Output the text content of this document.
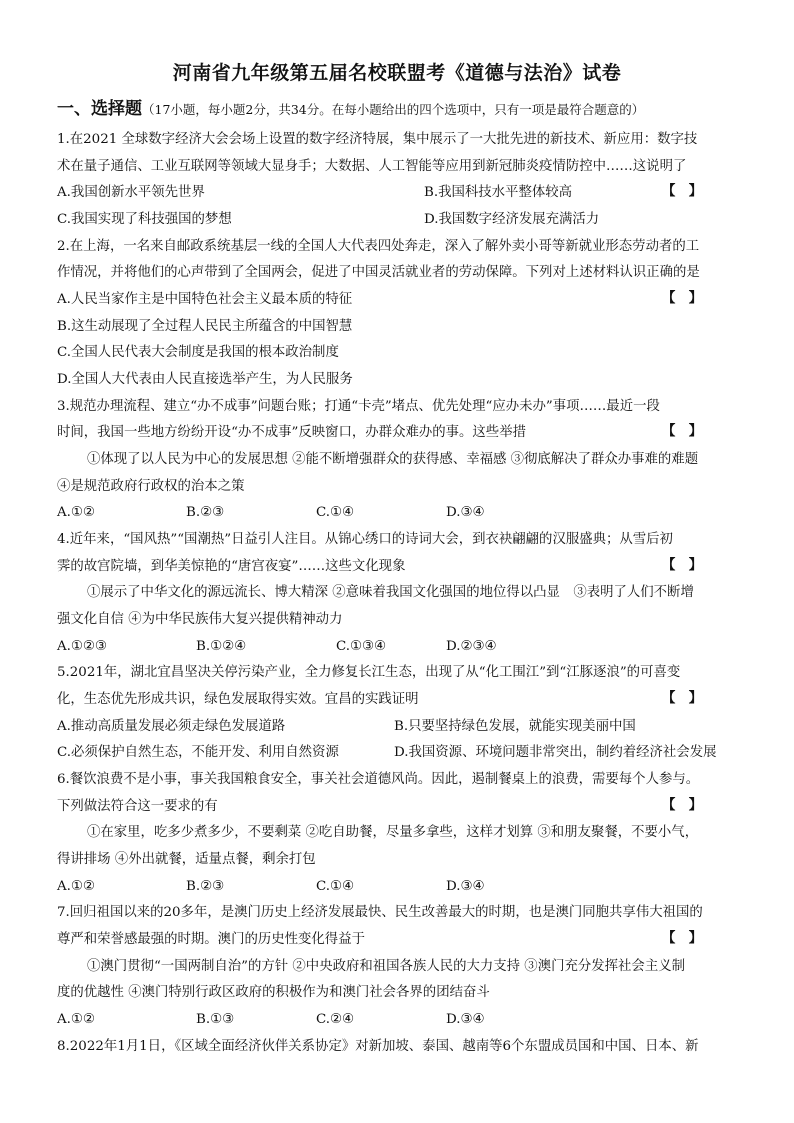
河南省九年级第五届名校联盟考《道德与法治》试卷
一、选择题（17小题，每小题2分，共34分。在每小题给出的四个选项中，只有一项是最符合题意的）
1.在2021 全球数字经济大会会场上设置的数字经济特展，集中展示了一大批先进的新技术、新应用：数字技
术在量子通信、工业互联网等领域大显身手；大数据、人工智能等应用到新冠肺炎疫情防控中……这说明了
A.我国创新水平领先世界	B.我国科技水平整体较高	【　】
C.我国实现了科技强国的梦想	D.我国数字经济发展充满活力
2.在上海，一名来自邮政系统基层一线的全国人大代表四处奔走，深入了解外卖小哥等新就业形态劳动者的工
作情况，并将他们的心声带到了全国两会，促进了中国灵活就业者的劳动保障。下列对上述材料认识正确的是
A.人民当家作主是中国特色社会主义最本质的特征	【　】
B.这生动展现了全过程人民民主所蕴含的中国智慧
C.全国人民代表大会制度是我国的根本政治制度
D.全国人大代表由人民直接选举产生，为人民服务
3.规范办理流程、建立“办不成事”问题台账；打通“卡壳”堵点、优先处理“应办未办”事项……最近一段
时间，我国一些地方纷纷开设“办不成事”反映窗口，办群众难办的事。这些举措	【　】
①体现了以人民为中心的发展思想 ②能不断增强群众的获得感、幸福感 ③彻底解决了群众办事难的难题
④是规范政府行政权的治本之策
A.①②	B.②③	C.①④	D.③④
4.近年来，“国风热”“国潮热”日益引人注目。从锦心绣口的诗词大会，到衣袂翩翩的汉服盛典；从雪后初
霁的故宫院墙，到华美惊艳的“唐宫夜宴”……这些文化现象	【　】
①展示了中华文化的源远流长、博大精深 ②意味着我国文化强国的地位得以凸显　③表明了人们不断增
强文化自信 ④为中华民族伟大复兴提供精神动力
A.①②③	B.①②④	C.①③④	D.②③④
5.2021年，湖北宜昌坚决关停污染产业，全力修复长江生态，出现了从“化工围江”到“江豚逐浪”的可喜变
化，生态优先形成共识，绿色发展取得实效。宜昌的实践证明	【　】
A.推动高质量发展必须走绿色发展道路	B.只要坚持绿色发展，就能实现美丽中国
C.必须保护自然生态，不能开发、利用自然资源	D.我国资源、环境问题非常突出，制约着经济社会发展
6.餐饮浪费不是小事，事关我国粮食安全，事关社会道德风尚。因此，遏制餐桌上的浪费，需要每个人参与。
下列做法符合这一要求的有	【　】
①在家里，吃多少煮多少，不要剩菜 ②吃自助餐，尽量多拿些，这样才划算 ③和朋友聚餐，不要小气，
得讲排场 ④外出就餐，适量点餐，剩余打包
A.①②	B.②③	C.①④	D.③④
7.回归祖国以来的20多年，是澳门历史上经济发展最快、民生改善最大的时期，也是澳门同胞共享伟大祖国的
尊严和荣誉感最强的时期。澳门的历史性变化得益于	【　】
①澳门贯彻“一国两制自治”的方针 ②中央政府和祖国各族人民的大力支持 ③澳门充分发挥社会主义制
度的优越性 ④澳门特别行政区政府的积极作为和澳门社会各界的团结奋斗
A.①②	B.①③	C.②④	D.③④
8.2022年1月1日，《区域全面经济伙伴关系协定》对新加坡、泰国、越南等6个东盟成员国和中国、日本、新
